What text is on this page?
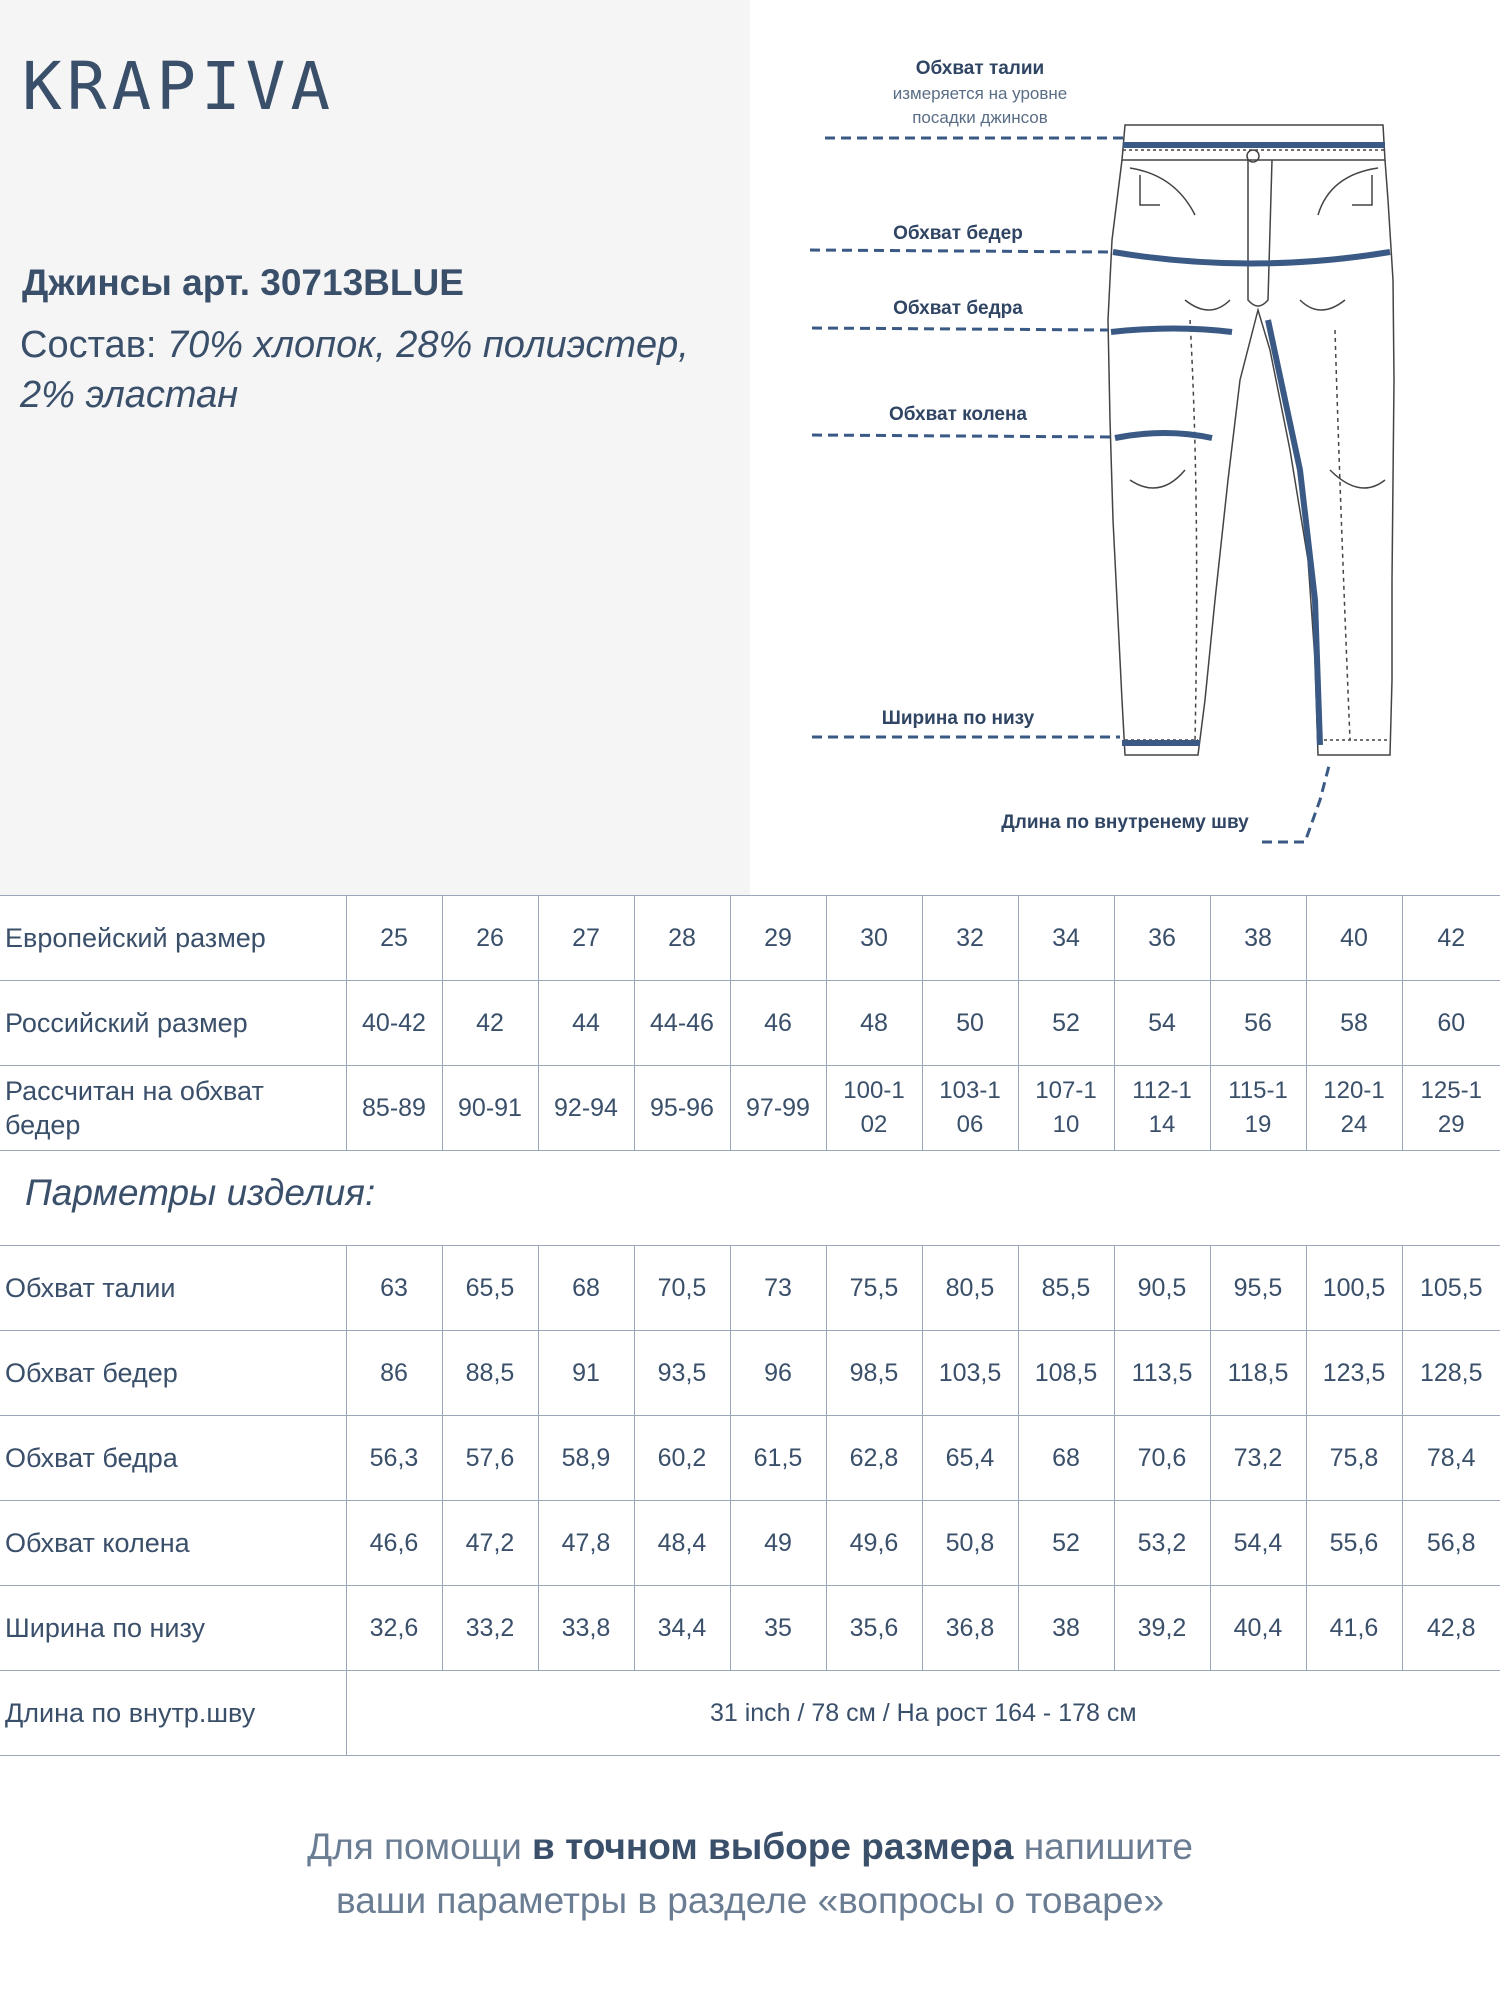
KRAPIVA
Джинсы арт. 30713BLUE
Состав: 70% хлопок, 28% полиэстер,
2% эластан
Обхват талии
измеряется на уровне
посадки джинсов
Обхват бедер
Обхват бедра
Обхват колена
Ширина по низу
Длина по внутренему шву
Европейский размер	25	26	27	28	29	30	32	34	36	38	40	42
Российский размер	40-42	42	44	44-46	46	48	50	52	54	56	58	60
Рассчитан на обхват бедер	85-89	90-91	92-94	95-96	97-99	100-102	103-106	107-110	112-114	115-119	120-124	125-129
Парметры изделия:
Обхват талии	63	65,5	68	70,5	73	75,5	80,5	85,5	90,5	95,5	100,5	105,5
Обхват бедер	86	88,5	91	93,5	96	98,5	103,5	108,5	113,5	118,5	123,5	128,5
Обхват бедра	56,3	57,6	58,9	60,2	61,5	62,8	65,4	68	70,6	73,2	75,8	78,4
Обхват колена	46,6	47,2	47,8	48,4	49	49,6	50,8	52	53,2	54,4	55,6	56,8
Ширина по низу	32,6	33,2	33,8	34,4	35	35,6	36,8	38	39,2	40,4	41,6	42,8
Длина по внутр.шву	31 inch / 78 см / На рост 164 - 178 см											
Для помощи в точном выборе размера напишите
ваши параметры в разделе «вопросы о товаре»
